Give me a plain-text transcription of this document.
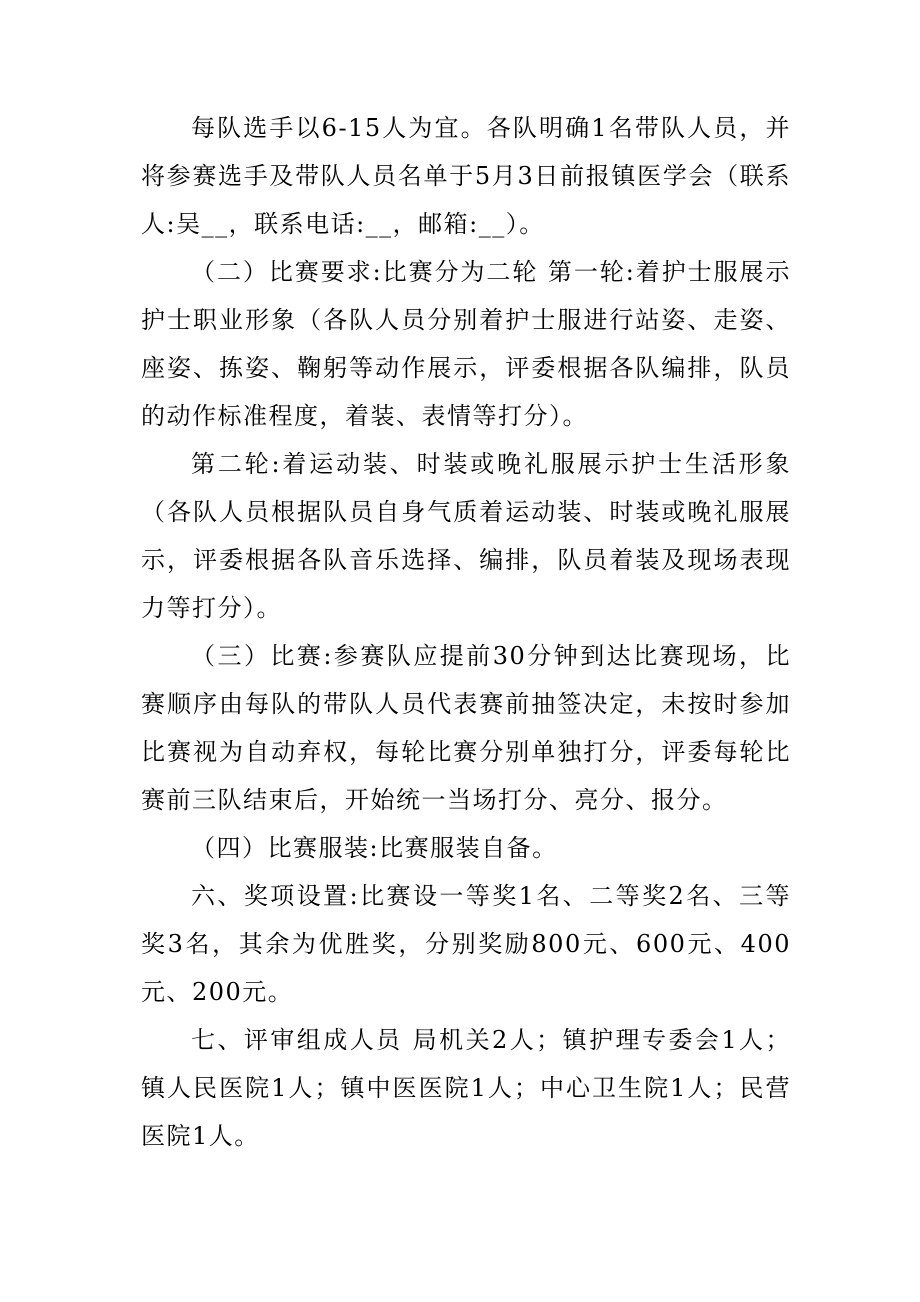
每队选手以6-15人为宜。各队明确1名带队人员，并将参赛选手及带队人员名单于5月3日前报镇医学会（联系人:吴__，联系电话:__，邮箱:__）。

（二）比赛要求:比赛分为二轮 第一轮:着护士服展示护士职业形象（各队人员分别着护士服进行站姿、走姿、座姿、拣姿、鞠躬等动作展示，评委根据各队编排，队员的动作标准程度，着装、表情等打分）。

第二轮:着运动装、时装或晚礼服展示护士生活形象（各队人员根据队员自身气质着运动装、时装或晚礼服展示，评委根据各队音乐选择、编排，队员着装及现场表现力等打分）。

（三）比赛:参赛队应提前30分钟到达比赛现场，比赛顺序由每队的带队人员代表赛前抽签决定，未按时参加比赛视为自动弃权，每轮比赛分别单独打分，评委每轮比赛前三队结束后，开始统一当场打分、亮分、报分。

（四）比赛服装:比赛服装自备。

六、奖项设置:比赛设一等奖1名、二等奖2名、三等奖3名，其余为优胜奖，分别奖励800元、600元、400元、200元。

七、评审组成人员 局机关2人；镇护理专委会1人；镇人民医院1人；镇中医医院1人；中心卫生院1人；民营医院1人。
